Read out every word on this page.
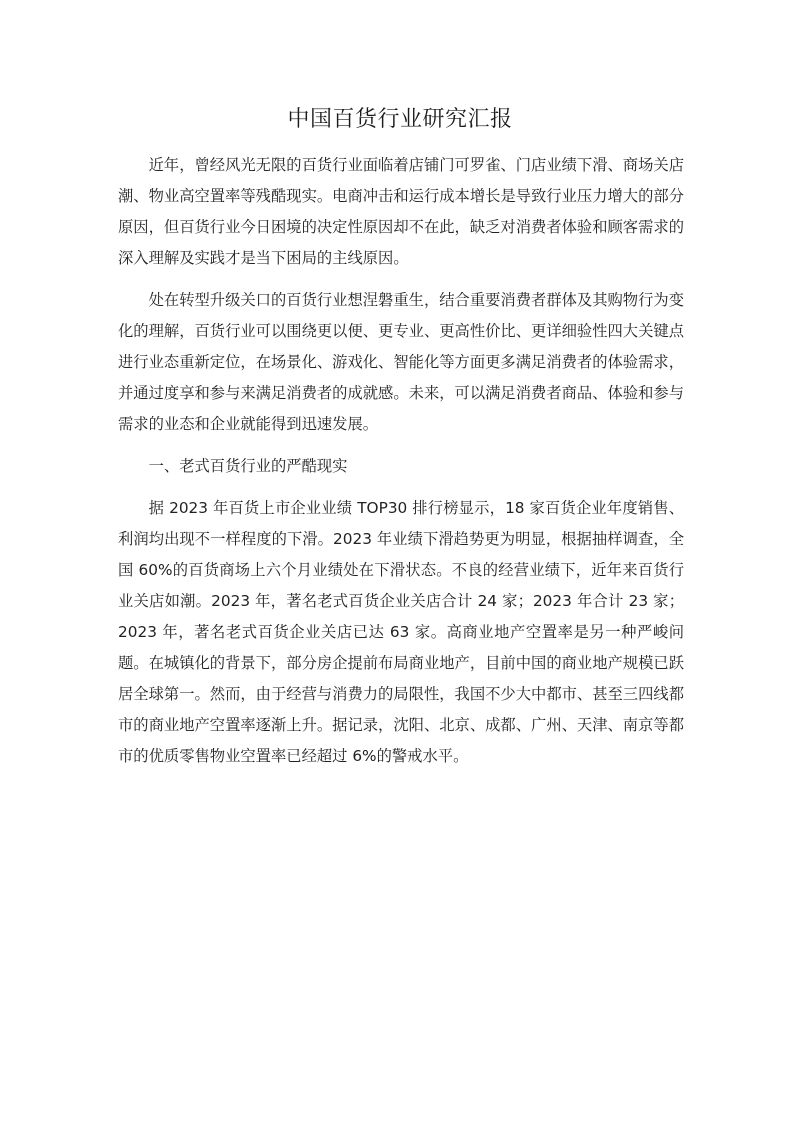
中国百货行业研究汇报

近年，曾经风光无限的百货行业面临着店铺门可罗雀、门店业绩下滑、商场关店潮、物业高空置率等残酷现实。电商冲击和运行成本增长是导致行业压力增大的部分原因，但百货行业今日困境的决定性原因却不在此，缺乏对消费者体验和顾客需求的深入理解及实践才是当下困局的主线原因。

处在转型升级关口的百货行业想涅磐重生，结合重要消费者群体及其购物行为变化的理解，百货行业可以围绕更以便、更专业、更高性价比、更详细验性四大关键点进行业态重新定位，在场景化、游戏化、智能化等方面更多满足消费者的体验需求，并通过度享和参与来满足消费者的成就感。未来，可以满足消费者商品、体验和参与需求的业态和企业就能得到迅速发展。

一、老式百货行业的严酷现实

据 2023 年百货上市企业业绩 TOP30 排行榜显示，18 家百货企业年度销售、利润均出现不一样程度的下滑。2023 年业绩下滑趋势更为明显，根据抽样调查，全国 60%的百货商场上六个月业绩处在下滑状态。不良的经营业绩下，近年来百货行业关店如潮。2023 年，著名老式百货企业关店合计 24 家；2023 年合计 23 家；2023 年，著名老式百货企业关店已达 63 家。高商业地产空置率是另一种严峻问题。在城镇化的背景下，部分房企提前布局商业地产，目前中国的商业地产规模已跃居全球第一。然而，由于经营与消费力的局限性，我国不少大中都市、甚至三四线都市的商业地产空置率逐渐上升。据记录，沈阳、北京、成都、广州、天津、南京等都市的优质零售物业空置率已经超过 6%的警戒水平。
